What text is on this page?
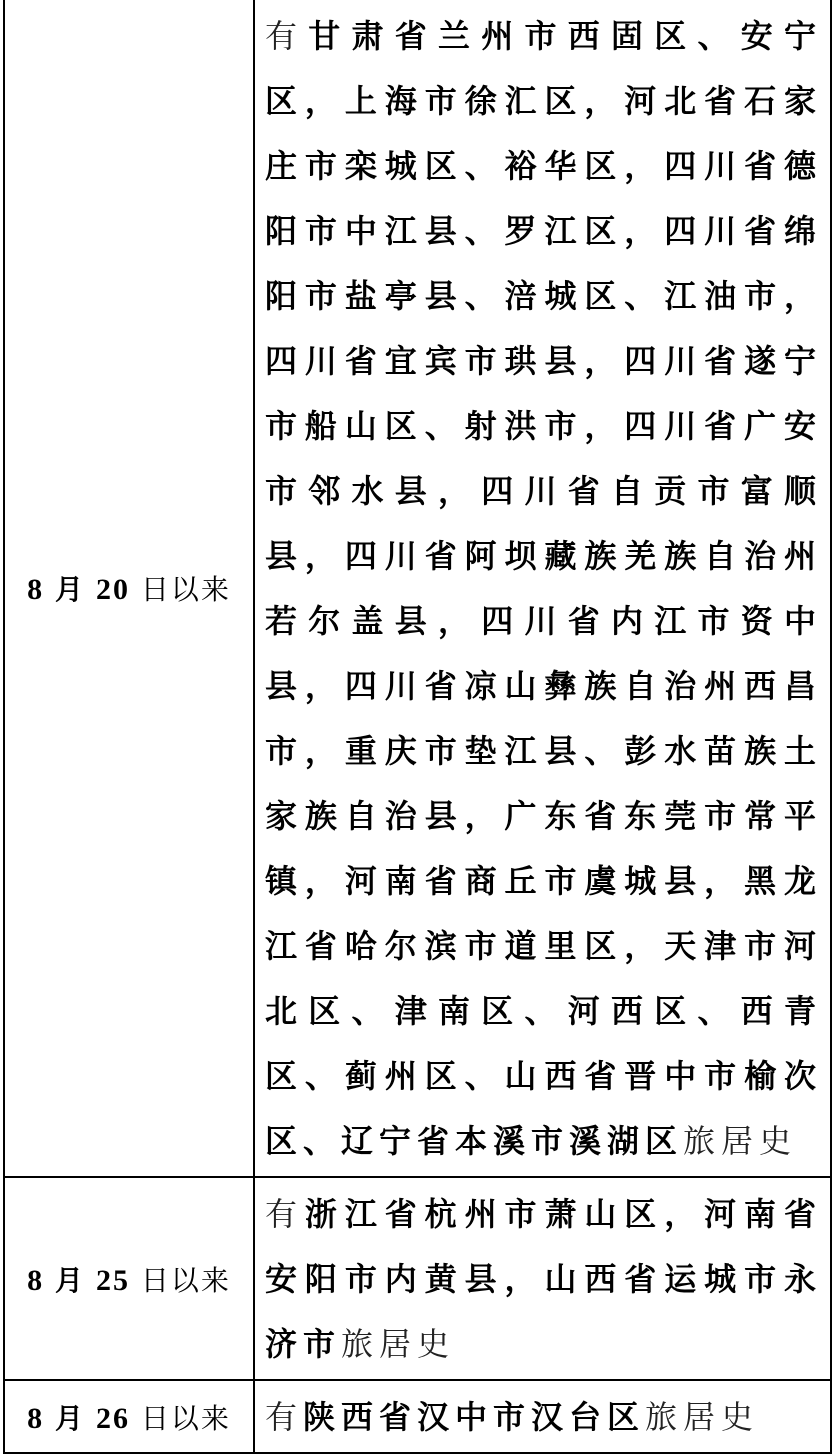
8 月 20 日以来	有甘肃省兰州市西固区、安宁区，上海市徐汇区，河北省石家庄市栾城区、裕华区，四川省德阳市中江县、罗江区，四川省绵阳市盐亭县、涪城区、江油市，四川省宜宾市珙县，四川省遂宁市船山区、射洪市，四川省广安市邻水县，四川省自贡市富顺县，四川省阿坝藏族羌族自治州若尔盖县，四川省内江市资中县，四川省凉山彝族自治州西昌市，重庆市垫江县、彭水苗族土家族自治县，广东省东莞市常平镇，河南省商丘市虞城县，黑龙江省哈尔滨市道里区，天津市河北区、津南区、河西区、西青区、蓟州区、山西省晋中市榆次区、辽宁省本溪市溪湖区旅居史
8 月 25 日以来	有浙江省杭州市萧山区，河南省安阳市内黄县，山西省运城市永济市旅居史
8 月 26 日以来	有陕西省汉中市汉台区旅居史
